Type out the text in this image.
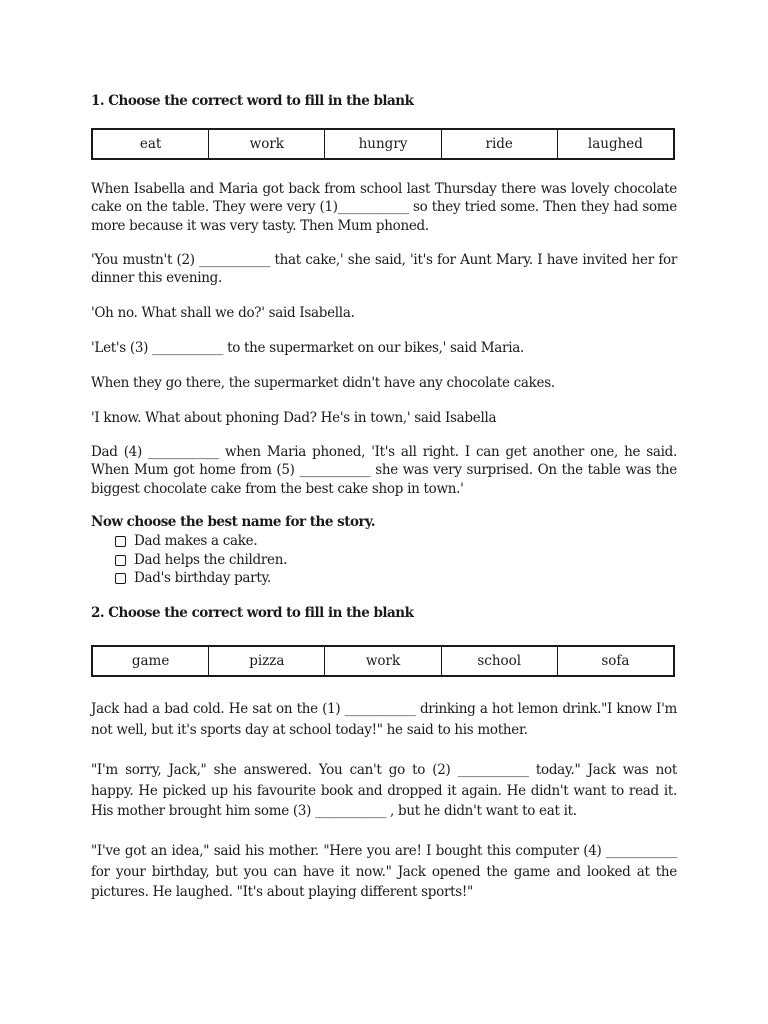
1. Choose the correct word to fill in the blank
eat	work	hungry	ride	laughed

When Isabella and Maria got back from school last Thursday there was lovely chocolate cake on the table. They were very (1)___________ so they tried some. Then they had some more because it was very tasty. Then Mum phoned.

'You mustn't (2) ___________ that cake,' she said, 'it's for Aunt Mary. I have invited her for dinner this evening.

'Oh no. What shall we do?' said Isabella.

'Let's (3) ___________ to the supermarket on our bikes,' said Maria.

When they go there, the supermarket didn't have any chocolate cakes.

'I know. What about phoning Dad? He's in town,' said Isabella

Dad (4) ___________ when Maria phoned, 'It's all right. I can get another one, he said. When Mum got home from (5) ___________ she was very surprised. On the table was the biggest chocolate cake from the best cake shop in town.'

Now choose the best name for the story.
Dad makes a cake.
Dad helps the children.
Dad's birthday party.
2. Choose the correct word to fill in the blank
game	pizza	work	school	sofa

Jack had a bad cold. He sat on the (1) ___________ drinking a hot lemon drink."I know I'm not well, but it's sports day at school today!" he said to his mother.

"I'm sorry, Jack," she answered. You can't go to (2) ___________ today." Jack was not happy. He picked up his favourite book and dropped it again. He didn't want to read it. His mother brought him some (3) ___________ , but he didn't want to eat it.

"I've got an idea," said his mother. "Here you are! I bought this computer (4) ___________ for your birthday, but you can have it now." Jack opened the game and looked at the pictures. He laughed. "It's about playing different sports!"
